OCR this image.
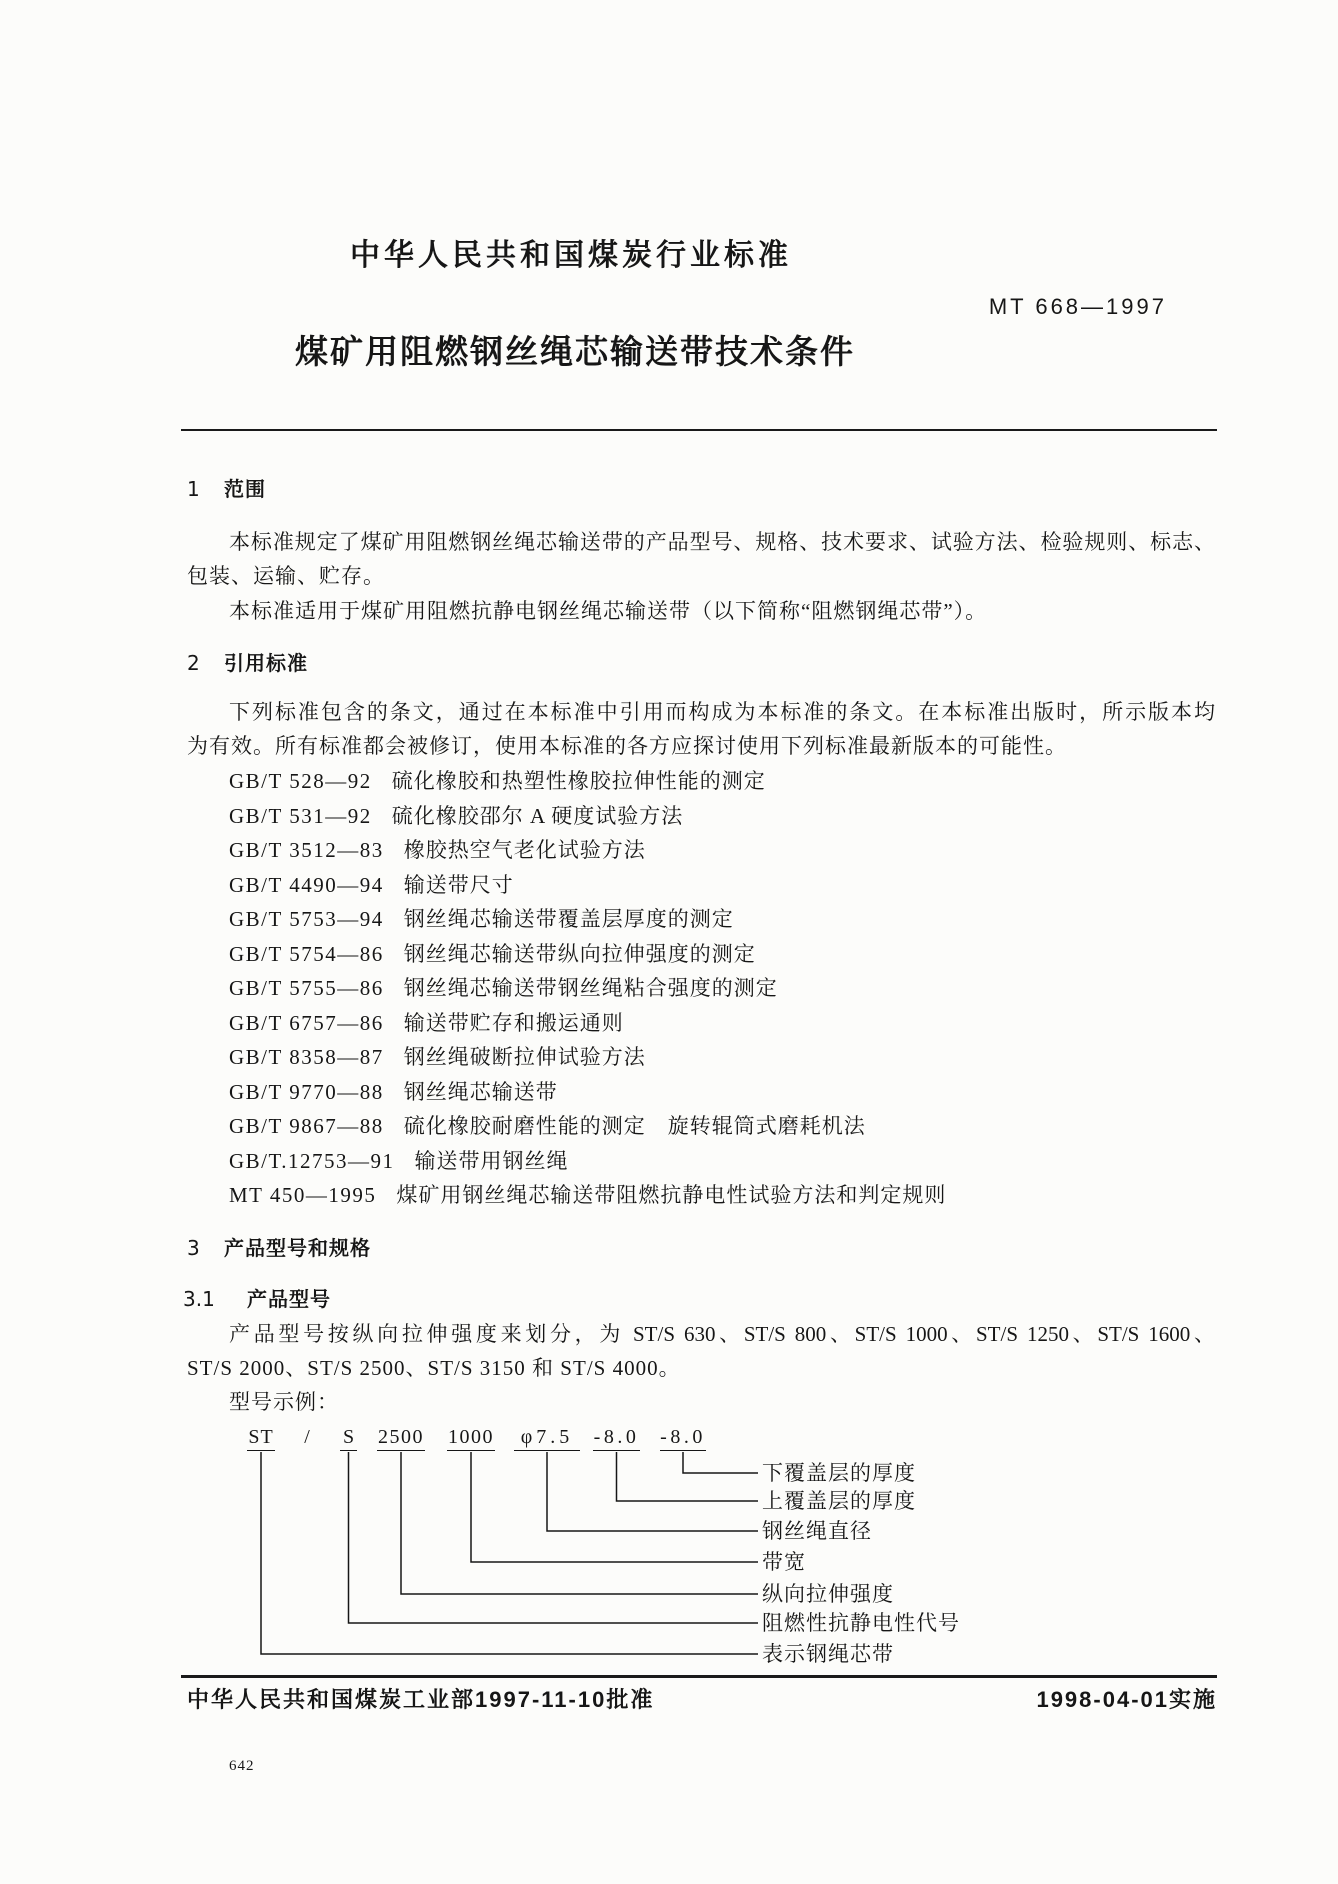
中华人民共和国煤炭行业标准
MT 668—1997
煤矿用阻燃钢丝绳芯输送带技术条件
1 范围
本标准规定了煤矿用阻燃钢丝绳芯输送带的产品型号、规格、技术要求、试验方法、检验规则、标志、
包装、运输、贮存。
本标准适用于煤矿用阻燃抗静电钢丝绳芯输送带（以下简称“阻燃钢绳芯带”）。
2 引用标准
下列标准包含的条文，通过在本标准中引用而构成为本标准的条文。在本标准出版时，所示版本均
为有效。所有标准都会被修订，使用本标准的各方应探讨使用下列标准最新版本的可能性。
GB/T 528—92 硫化橡胶和热塑性橡胶拉伸性能的测定
GB/T 531—92 硫化橡胶邵尔 A 硬度试验方法
GB/T 3512—83 橡胶热空气老化试验方法
GB/T 4490—94 输送带尺寸
GB/T 5753—94 钢丝绳芯输送带覆盖层厚度的测定
GB/T 5754—86 钢丝绳芯输送带纵向拉伸强度的测定
GB/T 5755—86 钢丝绳芯输送带钢丝绳粘合强度的测定
GB/T 6757—86 输送带贮存和搬运通则
GB/T 8358—87 钢丝绳破断拉伸试验方法
GB/T 9770—88 钢丝绳芯输送带
GB/T 9867—88 硫化橡胶耐磨性能的测定　旋转辊筒式磨耗机法
GB/T.12753—91 输送带用钢丝绳
MT 450—1995 煤矿用钢丝绳芯输送带阻燃抗静电性试验方法和判定规则
3 产品型号和规格
3.1 产品型号
产品型号按纵向拉伸强度来划分，为 ST/S 630、ST/S 800、ST/S 1000、ST/S 1250、ST/S 1600、
ST/S 2000、ST/S 2500、ST/S 3150 和 ST/S 4000。
型号示例：
ST	/	S 2500 1000	φ7.5	-8.0 -8.0
下覆盖层的厚度
上覆盖层的厚度
钢丝绳直径
带宽
纵向拉伸强度
阻燃性抗静电性代号
表示钢绳芯带
中华人民共和国煤炭工业部1997-11-10批准	1998-04-01实施
642
